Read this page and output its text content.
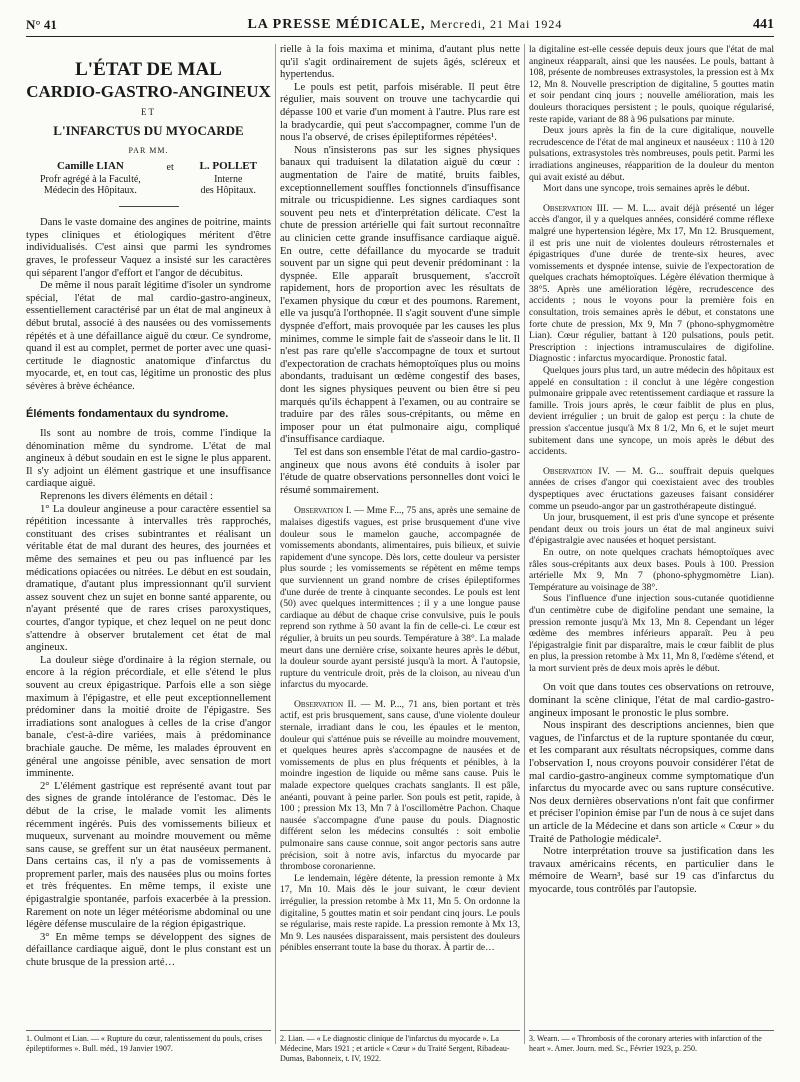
N° 41	LA PRESSE MÉDICALE, Mercredi, 21 Mai 1924	441
L'ÉTAT DE MAL
CARDIO-GASTRO-ANGINEUX
ET
L'INFARCTUS DU MYOCARDE
PAR MM.
Camille LIAN
Profr agrégé à la Faculté,
Médecin des Hôpitaux.
et L. POLLET
Interne
des Hôpitaux.

Dans le vaste domaine des angines de poitrine, maints types cliniques et étiologiques méritent d'être individualisés. C'est ainsi que parmi les syndromes graves, le professeur Vaquez a insisté sur les caractères qui séparent l'angor d'effort et l'angor de décubitus.

De même il nous paraît légitime d'isoler un syndrome spécial, l'état de mal cardio-gastro-angineux, essentiellement caractérisé par un état de mal angineux à début brutal, associé à des nausées ou des vomissements répétés et à une défaillance aiguë du cœur. Ce syndrome, quand il est au complet, permet de porter avec une quasi-certitude le diagnostic anatomique d'infarctus du myocarde, et, en tout cas, légitime un pronostic des plus sévères à brève échéance.

Éléments fondamentaux du syndrome.

Ils sont au nombre de trois, comme l'indique la dénomination même du syndrome. L'état de mal angineux à début soudain en est le signe le plus apparent. Il s'y adjoint un élément gastrique et une insuffisance cardiaque aiguë.

Reprenons les divers éléments en détail :

1° La douleur angineuse a pour caractère essentiel sa répétition incessante à intervalles très rapprochés, constituant des crises subintrantes et réalisant un véritable état de mal durant des heures, des journées et même des semaines et peu ou pas influencé par les médications opiacées ou nitrées. Le début en est soudain, dramatique, d'autant plus impressionnant qu'il survient assez souvent chez un sujet en bonne santé apparente, ou n'ayant présenté que de rares crises paroxystiques, courtes, d'angor typique, et chez lequel on ne peut donc s'attendre à observer brutalement cet état de mal angineux.

La douleur siège d'ordinaire à la région sternale, ou encore à la région précordiale, et elle s'étend le plus souvent au creux épigastrique. Parfois elle a son siège maximum à l'épigastre, et elle peut exceptionnellement prédominer dans la moitié droite de l'épigastre. Ses irradiations sont analogues à celles de la crise d'angor banale, c'est-à-dire variées, mais à prédominance brachiale gauche. De même, les malades éprouvent en général une angoisse pénible, avec sensation de mort imminente.

2° L'élément gastrique est représenté avant tout par des signes de grande intolérance de l'estomac. Dès le début de la crise, le malade vomit les aliments récemment ingérés. Puis des vomissements bilieux et muqueux, survenant au moindre mouvement ou même sans cause, se greffent sur un état nauséeux permanent. Dans certains cas, il n'y a pas de vomissements à proprement parler, mais des nausées plus ou moins fortes et très fréquentes. En même temps, il existe une épigastralgie spontanée, parfois exacerbée à la pression. Rarement on note un léger météorisme abdominal ou une légère défense musculaire de la région épigastrique.

3° En même temps se développent des signes de défaillance cardiaque aiguë, dont le plus constant est un chute brusque de la pression arté…

rielle à la fois maxima et minima, d'autant plus nette qu'il s'agit ordinairement de sujets âgés, scléreux et hypertendus.

Le pouls est petit, parfois misérable. Il peut être régulier, mais souvent on trouve une tachycardie qui dépasse 100 et varie d'un moment à l'autre. Plus rare est la bradycardie, qui peut s'accompagner, comme l'un de nous l'a observé, de crises épileptiformes répétées¹.

Nous n'insisterons pas sur les signes physiques banaux qui traduisent la dilatation aiguë du cœur : augmentation de l'aire de matité, bruits faibles, exceptionnellement souffles fonctionnels d'insuffisance mitrale ou tricuspidienne. Les signes cardiaques sont souvent peu nets et d'interprétation délicate. C'est la chute de pression artérielle qui fait surtout reconnaître au clinicien cette grande insuffisance cardiaque aiguë. En outre, cette défaillance du myocarde se traduit souvent par un signe qui peut devenir prédominant : la dyspnée. Elle apparaît brusquement, s'accroît rapidement, hors de proportion avec les résultats de l'examen physique du cœur et des poumons. Rarement, elle va jusqu'à l'orthopnée. Il s'agit souvent d'une simple dyspnée d'effort, mais provoquée par les causes les plus minimes, comme le simple fait de s'asseoir dans le lit. Il n'est pas rare qu'elle s'accompagne de toux et surtout d'expectoration de crachats hémoptoïques plus ou moins abondants, traduisant un œdème congestif des bases, dont les signes physiques peuvent ou bien être si peu marqués qu'ils échappent à l'examen, ou au contraire se traduire par des râles sous-crépitants, ou même en imposer pour un état pulmonaire aigu, compliqué d'insuffisance cardiaque.

Tel est dans son ensemble l'état de mal cardio-gastro-angineux que nous avons été conduits à isoler par l'étude de quatre observations personnelles dont voici le résumé sommairement.

Observation I. — Mme F..., 75 ans, après une semaine de malaises digestifs vagues, est prise brusquement d'une vive douleur sous le mamelon gauche, accompagnée de vomissements abondants, alimentaires, puis bilieux, et suivie rapidement d'une syncope. Dès lors, cette douleur va persister plus sourde ; les vomissements se répètent en même temps que surviennent un grand nombre de crises épileptiformes d'une durée de trente à cinquante secondes. Le pouls est lent (50) avec quelques intermittences ; il y a une longue pause cardiaque au début de chaque crise convulsive, puis le pouls reprend son rythme à 50 avant la fin de celle-ci. Le cœur est régulier, à bruits un peu sourds. Température à 38°. La malade meurt dans une dernière crise, soixante heures après le début, la douleur sourde ayant persisté jusqu'à la mort. À l'autopsie, rupture du ventricule droit, près de la cloison, au niveau d'un infarctus du myocarde.

Observation II. — M. P..., 71 ans, bien portant et très actif, est pris brusquement, sans cause, d'une violente douleur sternale, irradiant dans le cou, les épaules et le menton, douleur qui s'atténue puis se réveille au moindre mouvement, et quelques heures après s'accompagne de nausées et de vomissements de plus en plus fréquents et pénibles, à la moindre ingestion de liquide ou même sans cause. Puis le malade expectore quelques crachats sanglants. Il est pâle, anéanti, pouvant à peine parler. Son pouls est petit, rapide, à 100 ; pression Mx 13, Mn 7 à l'oscillomètre Pachon. Chaque nausée s'accompagne d'une pause du pouls. Diagnostic différent selon les médecins consultés : soit embolie pulmonaire sans cause connue, soit angor pectoris sans autre précision, soit à notre avis, infarctus du myocarde par thrombose coronarienne.

Le lendemain, légère détente, la pression remonte à Mx 17, Mn 10. Mais dès le jour suivant, le cœur devient irrégulier, la pression retombe à Mx 11, Mn 5. On ordonne la digitaline, 5 gouttes matin et soir pendant cinq jours. Le pouls se régularise, mais reste rapide. La pression remonte à Mx 13, Mn 9. Les nausées disparaissent, mais persistent des douleurs pénibles enserrant toute la base du thorax. À partir de…

la digitaline est-elle cessée depuis deux jours que l'état de mal angineux réapparaît, ainsi que les nausées. Le pouls, battant à 108, présente de nombreuses extrasystoles, la pression est à Mx 12, Mn 8. Nouvelle prescription de digitaline, 5 gouttes matin et soir pendant cinq jours ; nouvelle amélioration, mais les douleurs thoraciques persistent ; le pouls, quoique régularisé, reste rapide, variant de 88 à 96 pulsations par minute.

Deux jours après la fin de la cure digitalique, nouvelle recrudescence de l'état de mal angineux et nauséeux : 110 à 120 pulsations, extrasystoles très nombreuses, pouls petit. Parmi les irradiations angineuses, réapparition de la douleur du menton qui avait existé au début.

Mort dans une syncope, trois semaines après le début.

Observation III. — M. L... avait déjà présenté un léger accès d'angor, il y a quelques années, considéré comme réflexe malgré une hypertension légère, Mx 17, Mn 12. Brusquement, il est pris une nuit de violentes douleurs rétrosternales et épigastriques d'une durée de trente-six heures, avec vomissements et dyspnée intense, suivie de l'expectoration de quelques crachats hémoptoïques. Légère élévation thermique à 38°5. Après une amélioration légère, recrudescence des accidents ; nous le voyons pour la première fois en consultation, trois semaines après le début, et constatons une forte chute de pression, Mx 9, Mn 7 (phono-sphygmomètre Lian). Cœur régulier, battant à 120 pulsations, pouls petit. Prescription : injections intramusculaires de digifoline. Diagnostic : infarctus myocardique. Pronostic fatal.

Quelques jours plus tard, un autre médecin des hôpitaux est appelé en consultation : il conclut à une légère congestion pulmonaire grippale avec retentissement cardiaque et rassure la famille. Trois jours après, le cœur faiblit de plus en plus, devient irrégulier ; un bruit de galop est perçu : la chute de pression s'accentue jusqu'à Mx 8 1/2, Mn 6, et le sujet meurt subitement dans une syncope, un mois après le début des accidents.

Observation IV. — M. G... souffrait depuis quelques années de crises d'angor qui coexistaient avec des troubles dyspeptiques avec éructations gazeuses faisant considérer comme un pseudo-angor par un gastrothérapeute distingué.

Un jour, brusquement, il est pris d'une syncope et présente pendant deux ou trois jours un état de mal angineux suivi d'épigastralgie avec nausées et hoquet persistant.

En outre, on note quelques crachats hémoptoïques avec râles sous-crépitants aux deux bases. Pouls à 100. Pression artérielle Mx 9, Mn 7 (phono-sphygmomètre Lian). Température au voisinage de 38°.

Sous l'influence d'une injection sous-cutanée quotidienne d'un centimètre cube de digifoline pendant une semaine, la pression remonte jusqu'à Mx 13, Mn 8. Cependant un léger œdème des membres inférieurs apparaît. Peu à peu l'épigastralgie finit par disparaître, mais le cœur faiblit de plus en plus, la pression retombe à Mx 11, Mn 8, l'œdème s'étend, et la mort survient près de deux mois après le début.

On voit que dans toutes ces observations on retrouve, dominant la scène clinique, l'état de mal cardio-gastro-angineux imposant le pronostic le plus sombre.

Nous inspirant des descriptions anciennes, bien que vagues, de l'infarctus et de la rupture spontanée du cœur, et les comparant aux résultats nécropsiques, comme dans l'observation I, nous croyons pouvoir considérer l'état de mal cardio-gastro-angineux comme symptomatique d'un infarctus du myocarde avec ou sans rupture consécutive. Nos deux dernières observations n'ont fait que confirmer et préciser l'opinion émise par l'un de nous à ce sujet dans un article de la Médecine et dans son article « Cœur » du Traité de Pathologie médicale².

Notre interprétation trouve sa justification dans les travaux américains récents, en particulier dans le mémoire de Wearn³, basé sur 19 cas d'infarctus du myocarde, tous contrôlés par l'autopsie.

1. Oulmont et Lian. — « Rupture du cœur, ralentissement du pouls, crises épileptiformes ». Bull. méd., 19 Janvier 1907.
2. Lian. — « Le diagnostic clinique de l'infarctus du myocarde ». La Médecine, Mars 1921 ; et article « Cœur » du Traité Sergent, Ribadeau-Dumas, Babonneix, t. IV, 1922.
3. Wearn. — « Thrombosis of the coronary arteries with infarction of the heart ». Amer. Journ. med. Sc., Février 1923, p. 250.
